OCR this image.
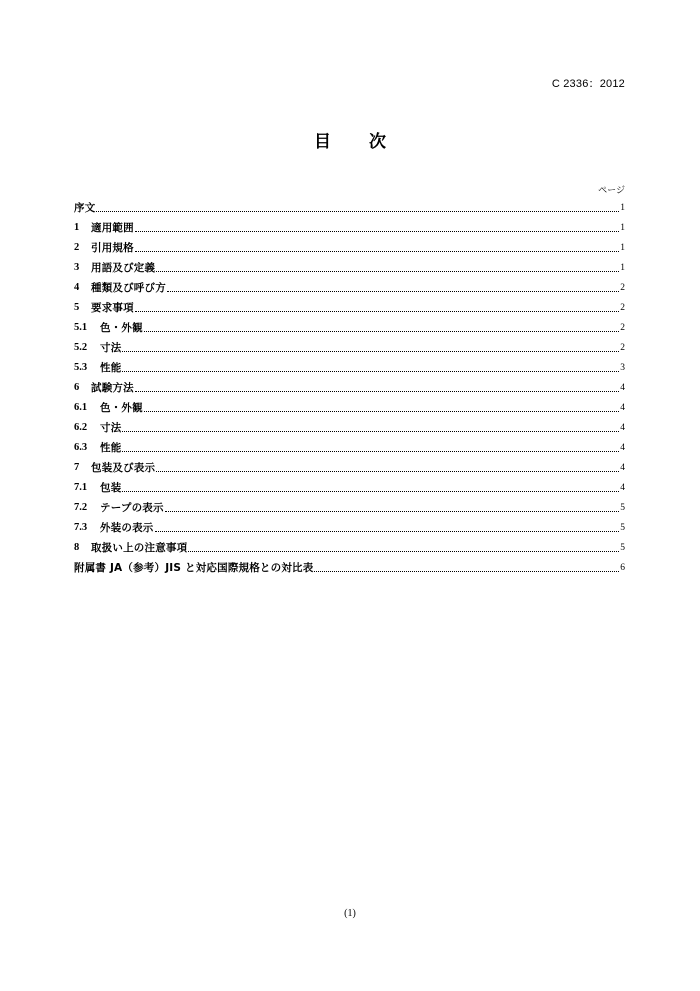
C 2336：2012
目 次
ページ
序文	1
1	適用範囲	1
2	引用規格	1
3	用語及び定義	1
4	種類及び呼び方	2
5	要求事項	2
5.1	色・外観	2
5.2	寸法	2
5.3	性能	3
6	試験方法	4
6.1	色・外観	4
6.2	寸法	4
6.3	性能	4
7	包装及び表示	4
7.1	包装	4
7.2	テープの表示	5
7.3	外装の表示	5
8	取扱い上の注意事項	5
附属書 JA（参考）JIS と対応国際規格との対比表	6
(1)
